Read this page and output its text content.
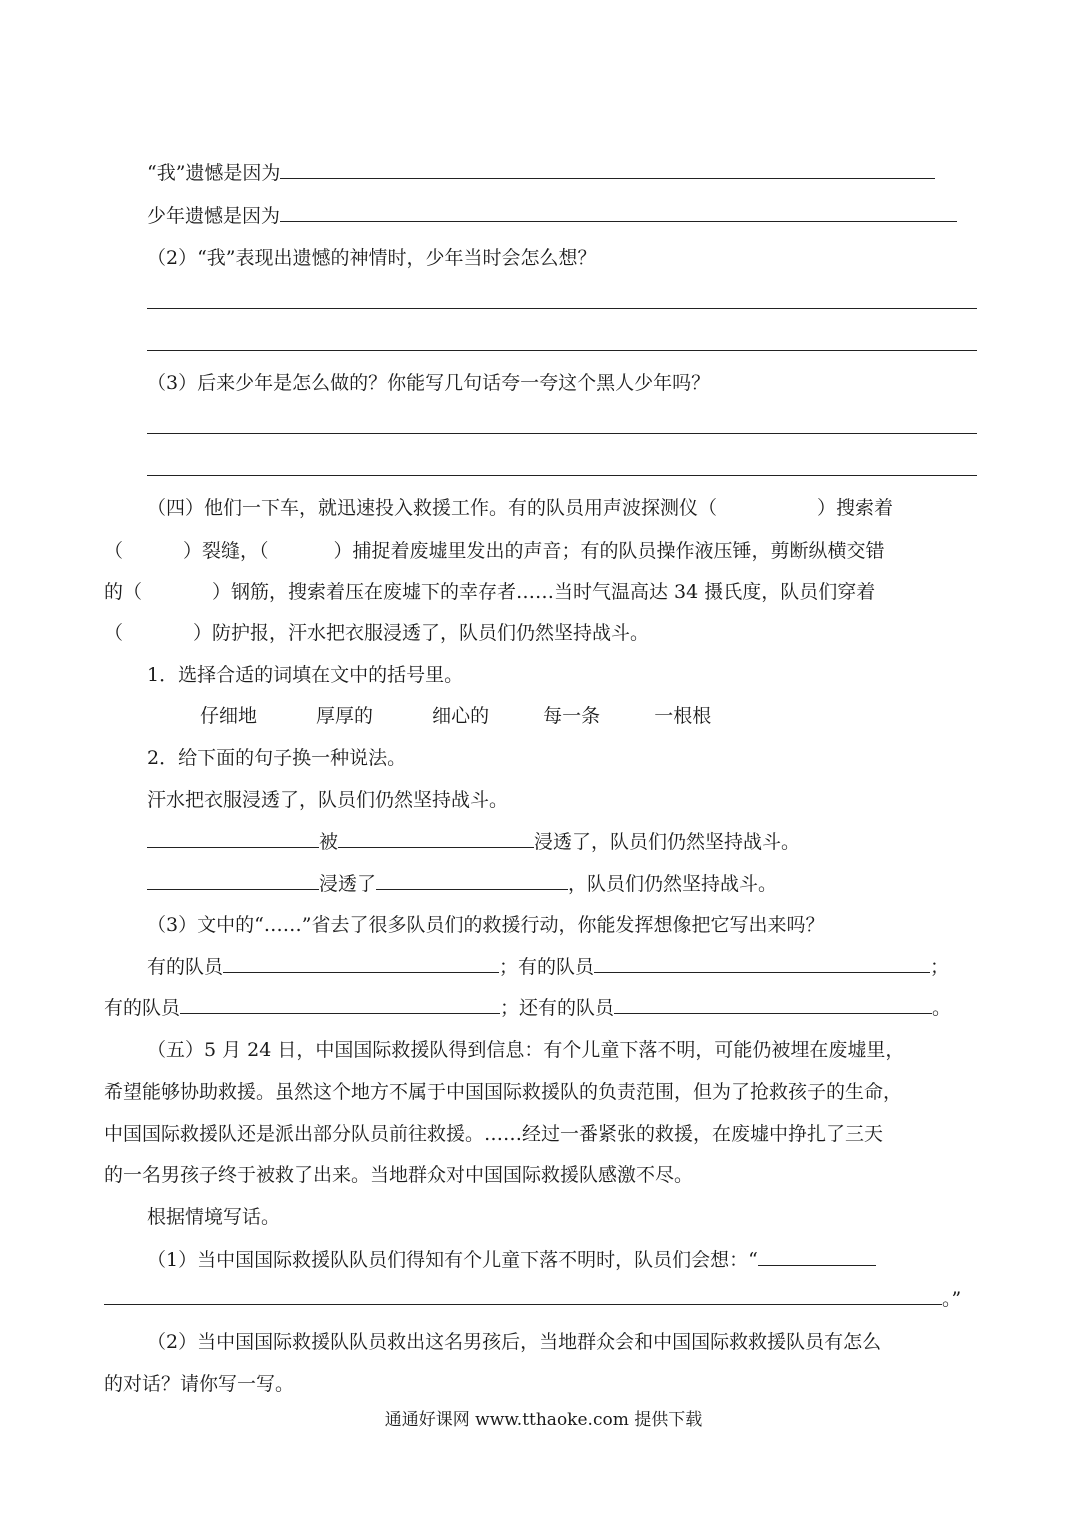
“我”遗憾是因为
少年遗憾是因为
（2）“我”表现出遗憾的神情时，少年当时会怎么想？
（3）后来少年是怎么做的？你能写几句话夸一夸这个黑人少年吗？
（四）他们一下车，就迅速投入救援工作。有的队员用声波探测仪（	）搜索着
（	）裂缝，（	）捕捉着废墟里发出的声音；有的队员操作液压锤，剪断纵横交错
的（	）钢筋，搜索着压在废墟下的幸存者……当时气温高达 34 摄氏度，队员们穿着
（	）防护报，汗水把衣服浸透了，队员们仍然坚持战斗。
1．选择合适的词填在文中的括号里。
仔细地	厚厚的	细心的	每一条	一根根
2．给下面的句子换一种说法。
汗水把衣服浸透了，队员们仍然坚持战斗。
被	浸透了，队员们仍然坚持战斗。
浸透了	，队员们仍然坚持战斗。
（3）文中的“……”省去了很多队员们的救援行动，你能发挥想像把它写出来吗？
有的队员	；有的队员	；
有的队员	；还有的队员	。
（五）5 月 24 日，中国国际救援队得到信息：有个儿童下落不明，可能仍被埋在废墟里，
希望能够协助救援。虽然这个地方不属于中国国际救援队的负责范围，但为了抢救孩子的生命，
中国国际救援队还是派出部分队员前往救援。……经过一番紧张的救援，在废墟中挣扎了三天
的一名男孩子终于被救了出来。当地群众对中国国际救援队感激不尽。
根据情境写话。
（1）当中国国际救援队队员们得知有个儿童下落不明时，队员们会想：“
。”
（2）当中国国际救援队队员救出这名男孩后，当地群众会和中国国际救救援队员有怎么
的对话？请你写一写。
通通好课网 www.tthaoke.com 提供下载
